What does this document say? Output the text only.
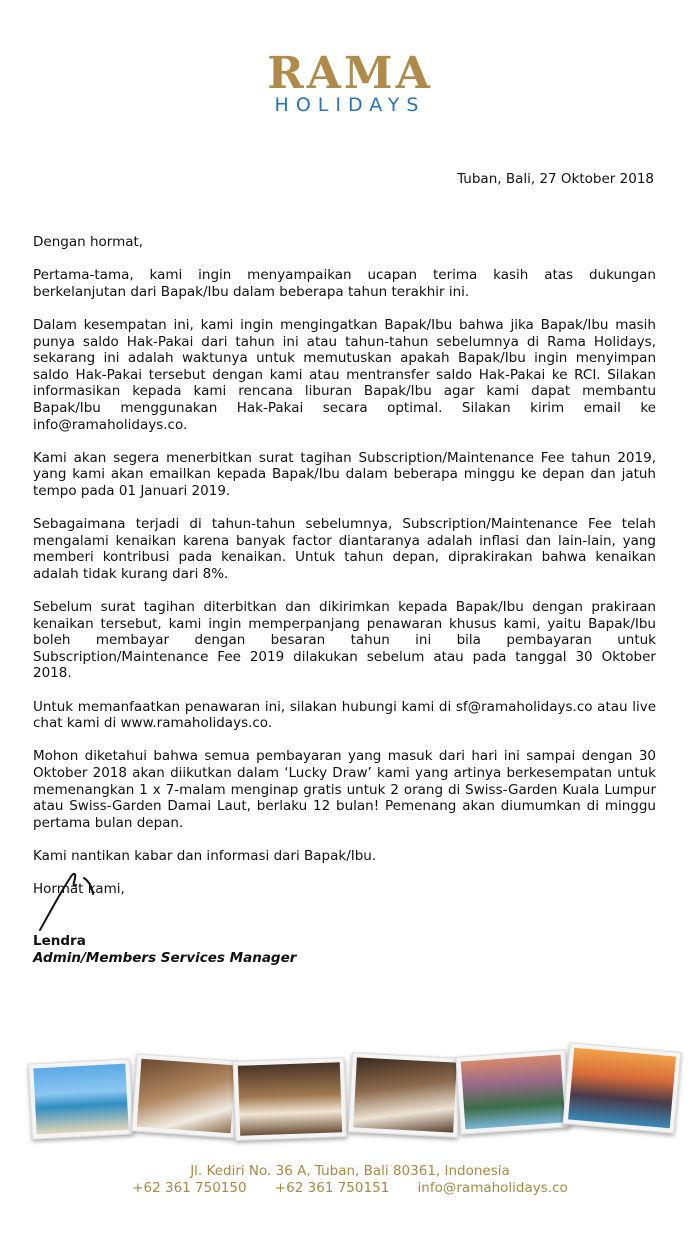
RAMA
HOLIDAYS
Tuban, Bali, 27 Oktober 2018

Dengan hormat,

Pertama-tama, kami ingin menyampaikan ucapan terima kasih atas dukungan berkelanjutan dari Bapak/Ibu dalam beberapa tahun terakhir ini.

Dalam kesempatan ini, kami ingin mengingatkan Bapak/Ibu bahwa jika Bapak/Ibu masih punya saldo Hak-Pakai dari tahun ini atau tahun-tahun sebelumnya di Rama Holidays, sekarang ini adalah waktunya untuk memutuskan apakah Bapak/Ibu ingin menyimpan saldo Hak-Pakai tersebut dengan kami atau mentransfer saldo Hak-Pakai ke RCI. Silakan informasikan kepada kami rencana liburan Bapak/Ibu agar kami dapat membantu Bapak/Ibu menggunakan Hak-Pakai secara optimal. Silakan kirim email ke info@ramaholidays.co.

Kami akan segera menerbitkan surat tagihan Subscription/Maintenance Fee tahun 2019, yang kami akan emailkan kepada Bapak/Ibu dalam beberapa minggu ke depan dan jatuh tempo pada 01 Januari 2019.

Sebagaimana terjadi di tahun-tahun sebelumnya, Subscription/Maintenance Fee telah mengalami kenaikan karena banyak factor diantaranya adalah inflasi dan lain-lain, yang memberi kontribusi pada kenaikan. Untuk tahun depan, diprakirakan bahwa kenaikan adalah tidak kurang dari 8%.

Sebelum surat tagihan diterbitkan dan dikirimkan kepada Bapak/Ibu dengan prakiraan kenaikan tersebut, kami ingin memperpanjang penawaran khusus kami, yaitu Bapak/Ibu boleh membayar dengan besaran tahun ini bila pembayaran untuk Subscription/Maintenance Fee 2019 dilakukan sebelum atau pada tanggal 30 Oktober 2018.

Untuk memanfaatkan penawaran ini, silakan hubungi kami di sf@ramaholidays.co atau live chat kami di www.ramaholidays.co.

Mohon diketahui bahwa semua pembayaran yang masuk dari hari ini sampai dengan 30 Oktober 2018 akan diikutkan dalam ‘Lucky Draw’ kami yang artinya berkesempatan untuk memenangkan 1 x 7-malam menginap gratis untuk 2 orang di Swiss-Garden Kuala Lumpur atau Swiss-Garden Damai Laut, berlaku 12 bulan! Pemenang akan diumumkan di minggu pertama bulan depan.

Kami nantikan kabar dan informasi dari Bapak/Ibu.

Hormat kami,

Lendra
Admin/Members Services Manager
Jl. Kediri No. 36 A, Tuban, Bali 80361, Indonesia
+62 361 750150 +62 361 750151 info@ramaholidays.co
